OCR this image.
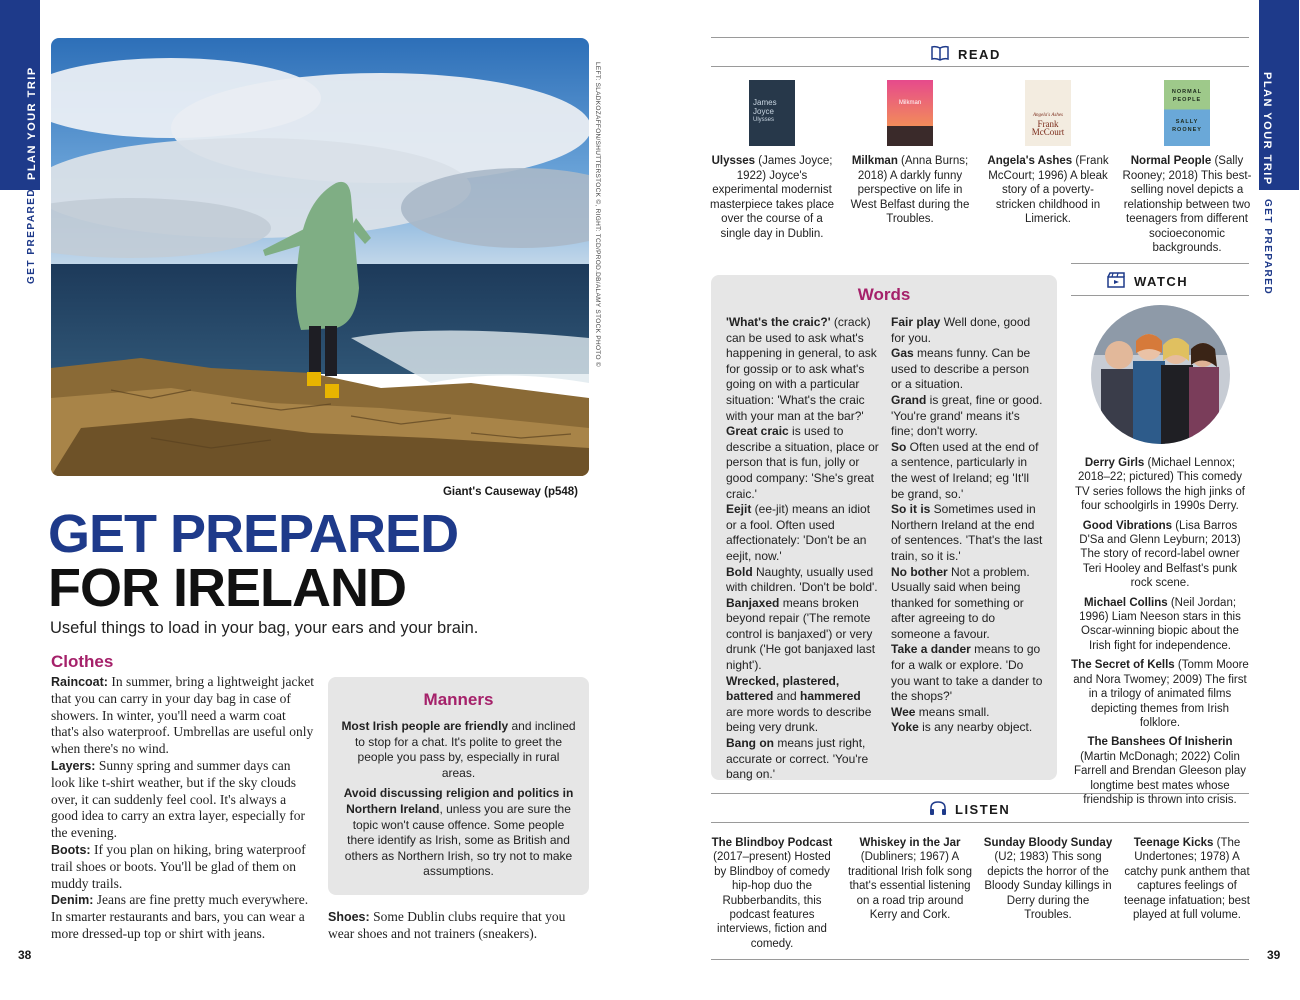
PLAN YOUR TRIP
GET PREPARED
PLAN YOUR TRIP
GET PREPARED
LEFT: SLADKOZAFFON/SHUTTERSTOCK ©, RIGHT: TCD/PROD.DB/ALAMY STOCK PHOTO ©
Giant's Causeway (p548)
GET PREPARED
FOR IRELAND
Useful things to load in your bag, your ears and your brain.
Clothes

Raincoat: In summer, bring a lightweight jacket that you can carry in your day bag in case of showers. In winter, you'll need a warm coat that's also waterproof. Umbrellas are useful only when there's no wind.

Layers: Sunny spring and summer days can look like t-shirt weather, but if the sky clouds over, it can suddenly feel cool. It's always a good idea to carry an extra layer, especially for the evening.

Boots: If you plan on hiking, bring waterproof trail shoes or boots. You'll be glad of them on muddy trails.

Denim: Jeans are fine pretty much everywhere. In smarter restaurants and bars, you can wear a more dressed-up top or shirt with jeans.

Manners

Most Irish people are friendly and inclined to stop for a chat. It's polite to greet the people you pass by, especially in rural areas.

Avoid discussing religion and politics in Northern Ireland, unless you are sure the topic won't cause offence. Some people there identify as Irish, some as British and others as Northern Irish, so try not to make assumptions.

Shoes: Some Dublin clubs require that you wear shoes and not trainers (sneakers).
38	39
READ
James
Joyce
Ulysses
Ulysses (James Joyce; 1922) Joyce's experimental modernist masterpiece takes place over the course of a single day in Dublin.
Milkman
ANNA BURNS
Milkman (Anna Burns; 2018) A darkly funny perspective on life in West Belfast during the Troubles.
Angela's Ashes
Frank
McCourt
Angela's Ashes (Frank McCourt; 1996) A bleak story of a poverty-stricken childhood in Limerick.
NORMAL
PEOPLE
SALLY
ROONEY
Normal People (Sally Rooney; 2018) This best-selling novel depicts a relationship between two teenagers from different socioeconomic backgrounds.
Words

'What's the craic?' (crack) can be used to ask what's happening in general, to ask for gossip or to ask what's going on with a particular situation: 'What's the craic with your man at the bar?'

Great craic is used to describe a situation, place or person that is fun, jolly or good company: 'She's great craic.'

Eejit (ee-jit) means an idiot or a fool. Often used affectionately: 'Don't be an eejit, now.'

Bold Naughty, usually used with children. 'Don't be bold'.

Banjaxed means broken beyond repair ('The remote control is banjaxed') or very drunk ('He got banjaxed last night').

Wrecked, plastered, battered and hammered are more words to describe being very drunk.

Bang on means just right, accurate or correct. 'You're bang on.'

Fair play Well done, good for you.

Gas means funny. Can be used to describe a person or a situation.

Grand is great, fine or good. 'You're grand' means it's fine; don't worry.

So Often used at the end of a sentence, particularly in the west of Ireland; eg 'It'll be grand, so.'

So it is Sometimes used in Northern Ireland at the end of sentences. 'That's the last train, so it is.'

No bother Not a problem. Usually said when being thanked for something or after agreeing to do someone a favour.

Take a dander means to go for a walk or explore. 'Do you want to take a dander to the shops?'

Wee means small.

Yoke is any nearby object.

WATCH

Derry Girls (Michael Lennox; 2018–22; pictured) This comedy TV series follows the high jinks of four schoolgirls in 1990s Derry.

Good Vibrations (Lisa Barros D'Sa and Glenn Leyburn; 2013) The story of record-label owner Teri Hooley and Belfast's punk rock scene.

Michael Collins (Neil Jordan; 1996) Liam Neeson stars in this Oscar-winning biopic about the Irish fight for independence.

The Secret of Kells (Tomm Moore and Nora Twomey; 2009) The first in a trilogy of animated films depicting themes from Irish folklore.

The Banshees Of Inisherin (Martin McDonagh; 2022) Colin Farrell and Brendan Gleeson play longtime best mates whose friendship is thrown into crisis.

LISTEN
The Blindboy Podcast (2017–present) Hosted by Blindboy of comedy hip-hop duo the Rubberbandits, this podcast features interviews, fiction and comedy.
Whiskey in the Jar (Dubliners; 1967) A traditional Irish folk song that's essential listening on a road trip around Kerry and Cork.
Sunday Bloody Sunday (U2; 1983) This song depicts the horror of the Bloody Sunday killings in Derry during the Troubles.
Teenage Kicks (The Undertones; 1978) A catchy punk anthem that captures feelings of teenage infatuation; best played at full volume.
